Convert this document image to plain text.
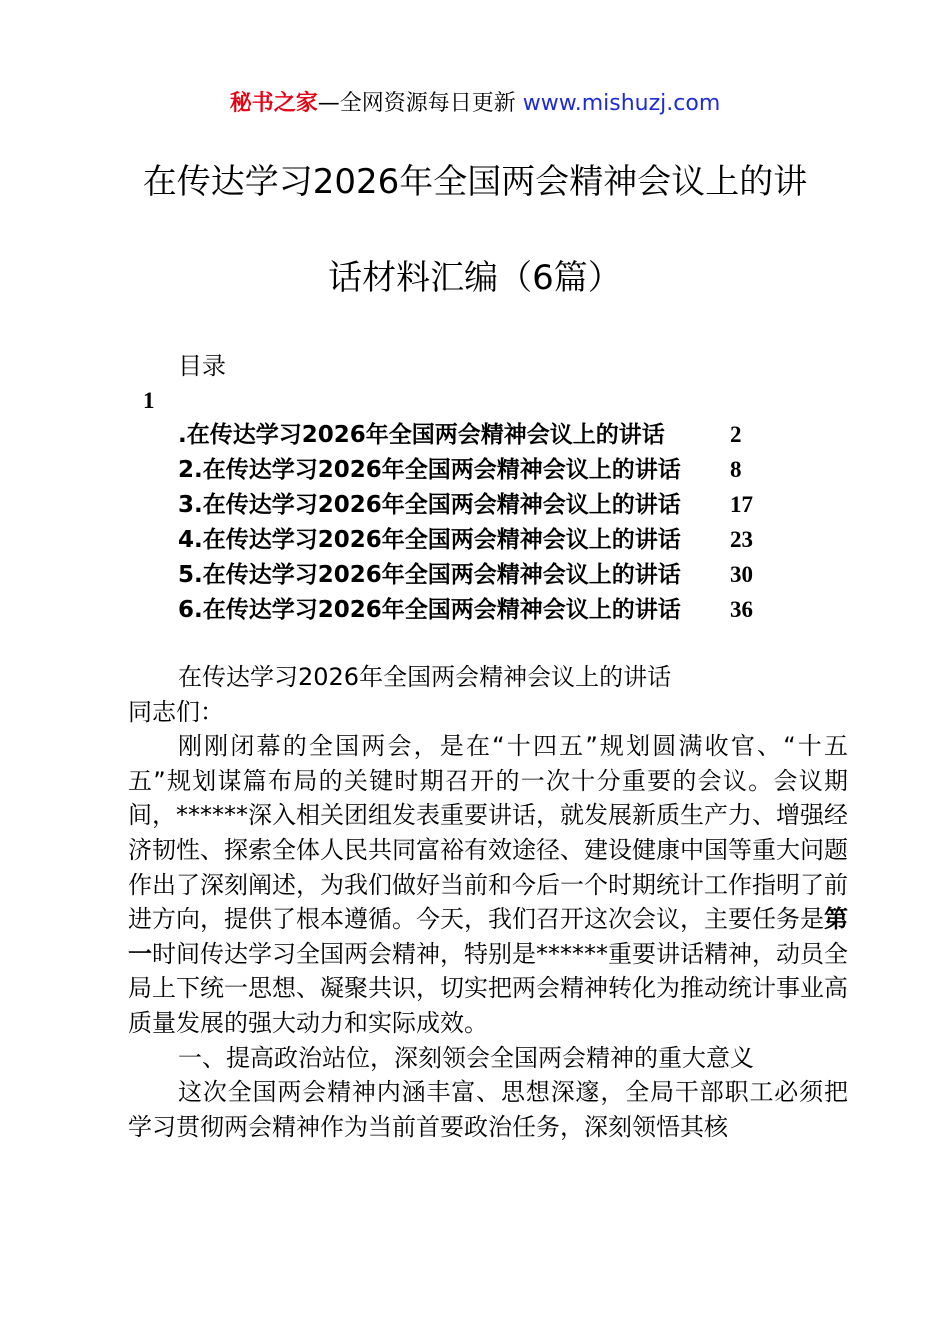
秘书之家—全网资源每日更新 www.mishuzj.com
在传达学习2026年全国两会精神会议上的讲
话材料汇编（6篇）
目录
1
.在传达学习2026年全国两会精神会议上的讲话	2
2.在传达学习2026年全国两会精神会议上的讲话 8
3.在传达学习2026年全国两会精神会议上的讲话 17
4.在传达学习2026年全国两会精神会议上的讲话 23
5.在传达学习2026年全国两会精神会议上的讲话 30
6.在传达学习2026年全国两会精神会议上的讲话 36

在传达学习2026年全国两会精神会议上的讲话

同志们：

刚刚闭幕的全国两会，是在“十四五”规划圆满收官、“十五五”规划谋篇布局的关键时期召开的一次十分重要的会议。会议期间，******深入相关团组发表重要讲话，就发展新质生产力、增强经济韧性、探索全体人民共同富裕有效途径、建设健康中国等重大问题作出了深刻阐述，为我们做好当前和今后一个时期统计工作指明了前进方向，提供了根本遵循。今天，我们召开这次会议，主要任务是第一时间传达学习全国两会精神，特别是******重要讲话精神，动员全局上下统一思想、凝聚共识，切实把两会精神转化为推动统计事业高质量发展的强大动力和实际成效。

一、提高政治站位，深刻领会全国两会精神的重大意义

这次全国两会精神内涵丰富、思想深邃，全局干部职工必须把学习贯彻两会精神作为当前首要政治任务，深刻领悟其核
